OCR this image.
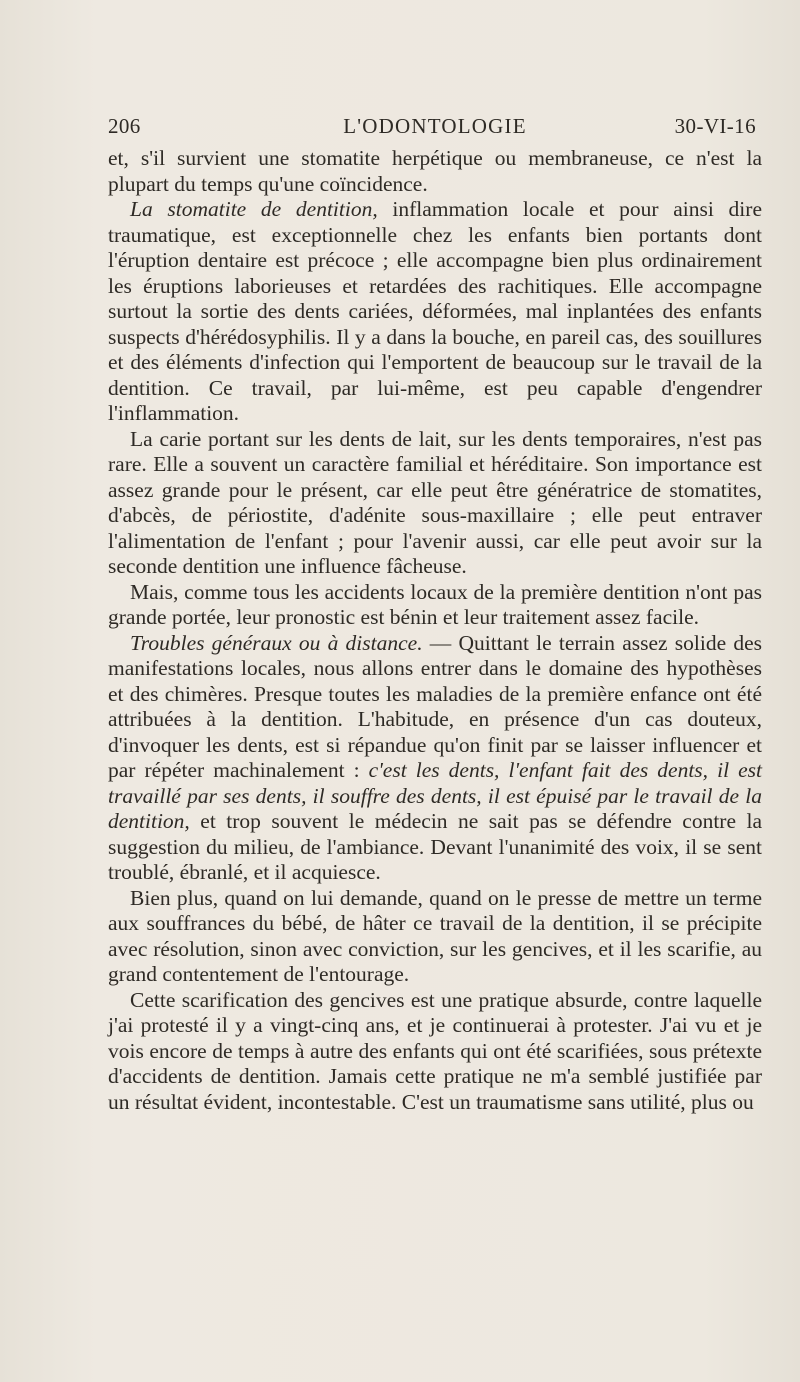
206	L'ODONTOLOGIE	30-VI-16

et, s'il survient une stomatite herpétique ou membraneuse, ce n'est la plupart du temps qu'une coïncidence.

La stomatite de dentition, inflammation locale et pour ainsi dire traumatique, est exceptionnelle chez les enfants bien portants dont l'éruption dentaire est précoce ; elle accompagne bien plus ordinairement les éruptions laborieuses et retardées des rachitiques. Elle accompagne surtout la sortie des dents cariées, déformées, mal inplantées des enfants suspects d'hérédosyphilis. Il y a dans la bouche, en pareil cas, des souillures et des éléments d'infection qui l'emportent de beaucoup sur le travail de la dentition. Ce travail, par lui-même, est peu capable d'engendrer l'inflammation.

La carie portant sur les dents de lait, sur les dents temporaires, n'est pas rare. Elle a souvent un caractère familial et héréditaire. Son importance est assez grande pour le présent, car elle peut être génératrice de stomatites, d'abcès, de périostite, d'adénite sous-maxillaire ; elle peut entraver l'alimentation de l'enfant ; pour l'avenir aussi, car elle peut avoir sur la seconde dentition une influence fâcheuse.

Mais, comme tous les accidents locaux de la première dentition n'ont pas grande portée, leur pronostic est bénin et leur traitement assez facile.

Troubles généraux ou à distance. — Quittant le terrain assez solide des manifestations locales, nous allons entrer dans le domaine des hypothèses et des chimères. Presque toutes les maladies de la première enfance ont été attribuées à la dentition. L'habitude, en présence d'un cas douteux, d'invoquer les dents, est si répandue qu'on finit par se laisser influencer et par répéter machinalement : c'est les dents, l'enfant fait des dents, il est travaillé par ses dents, il souffre des dents, il est épuisé par le travail de la dentition, et trop souvent le médecin ne sait pas se défendre contre la suggestion du milieu, de l'ambiance. Devant l'unanimité des voix, il se sent troublé, ébranlé, et il acquiesce.

Bien plus, quand on lui demande, quand on le presse de mettre un terme aux souffrances du bébé, de hâter ce travail de la dentition, il se précipite avec résolution, sinon avec conviction, sur les gencives, et il les scarifie, au grand contentement de l'entourage.

Cette scarification des gencives est une pratique absurde, contre laquelle j'ai protesté il y a vingt-cinq ans, et je continuerai à protester. J'ai vu et je vois encore de temps à autre des enfants qui ont été scarifiées, sous prétexte d'accidents de dentition. Jamais cette pratique ne m'a semblé justifiée par un résultat évident, incontestable. C'est un traumatisme sans utilité, plus ou
